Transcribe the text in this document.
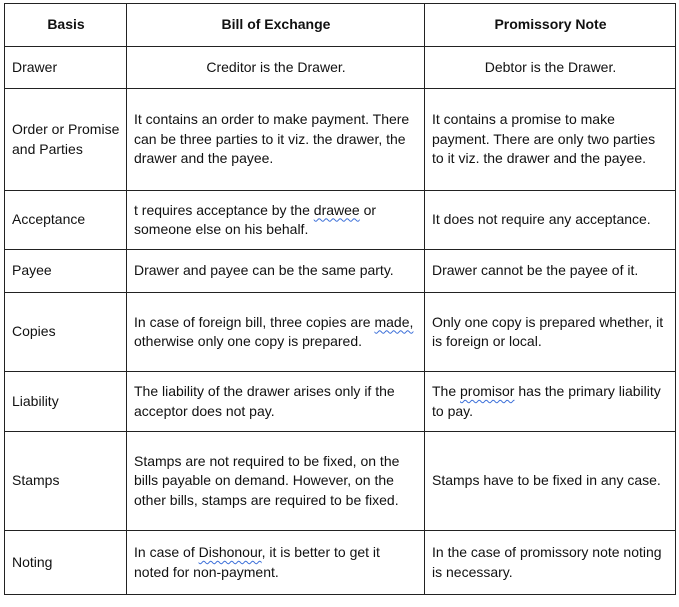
Basis	Bill of Exchange	Promissory Note
Drawer	Creditor is the Drawer.	Debtor is the Drawer.
Order or Promise and Parties	It contains an order to make payment. There can be three parties to it viz. the drawer, the drawer and the payee.	It contains a promise to make payment. There are only two parties to it viz. the drawer and the payee.
Acceptance	t requires acceptance by the drawee or someone else on his behalf.	It does not require any acceptance.
Payee	Drawer and payee can be the same party.	Drawer cannot be the payee of it.
Copies	In case of foreign bill, three copies are made, otherwise only one copy is prepared.	Only one copy is prepared whether, it is foreign or local.
Liability	The liability of the drawer arises only if the acceptor does not pay.	The promisor has the primary liability to pay.
Stamps	Stamps are not required to be fixed, on the bills payable on demand. However, on the other bills, stamps are required to be fixed.	Stamps have to be fixed in any case.
Noting	In case of Dishonour, it is better to get it noted for non-payment.	In the case of promissory note noting is necessary.
